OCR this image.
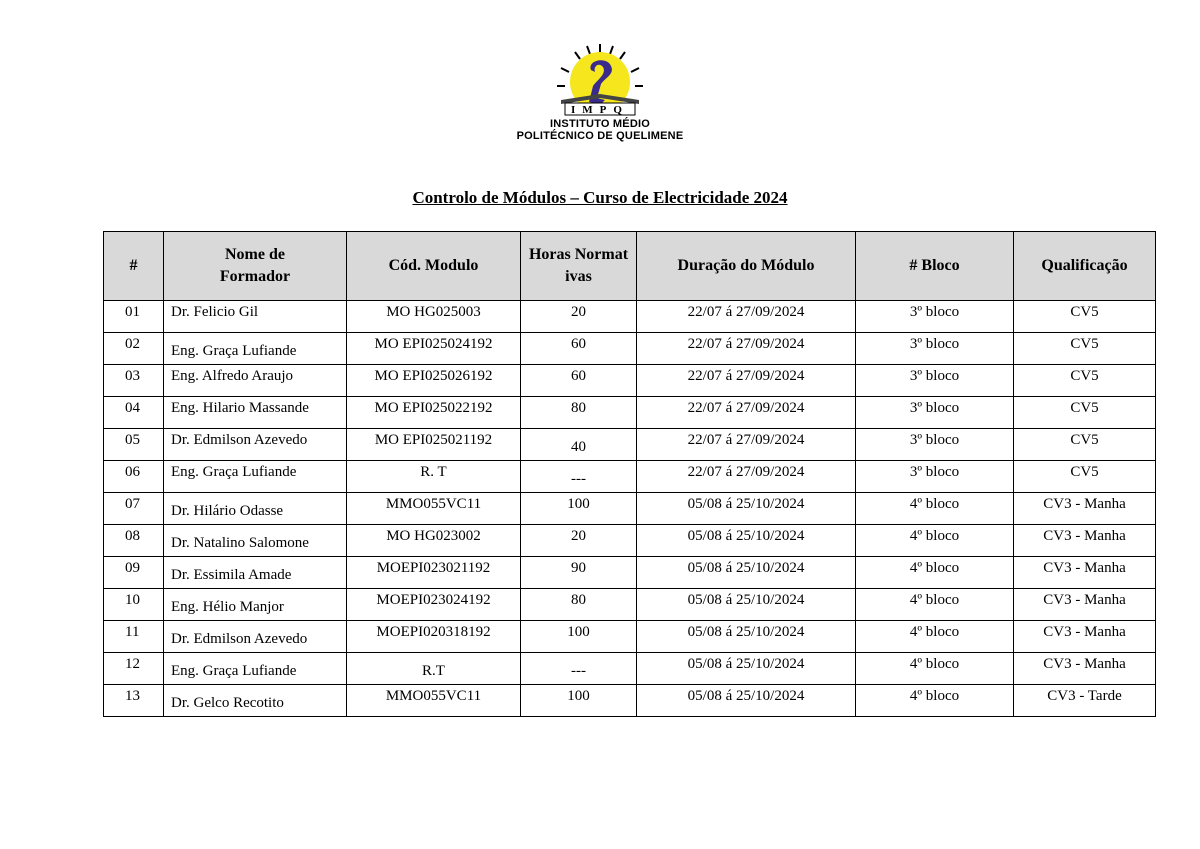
IMPQ
INSTITUTO MÉDIO
POLITÉCNICO DE QUELIMENE
Controlo de Módulos – Curso de Electricidade 2024
#	Nome de Formador	Cód. Modulo	Horas Normativas	Duração do Módulo	# Bloco	Qualificação
01	Dr. Felicio Gil	MO HG025003	20	22/07 á 27/09/2024	3º bloco	CV5
02	Eng. Graça Lufiande	MO EPI025024192	60	22/07 á 27/09/2024	3º bloco	CV5
03	Eng. Alfredo Araujo	MO EPI025026192	60	22/07 á 27/09/2024	3º bloco	CV5
04	Eng. Hilario Massande	MO EPI025022192	80	22/07 á 27/09/2024	3º bloco	CV5
05	Dr. Edmilson Azevedo	MO EPI025021192	40	22/07 á 27/09/2024	3º bloco	CV5
06	Eng. Graça Lufiande	R. T	---	22/07 á 27/09/2024	3º bloco	CV5
07	Dr. Hilário Odasse	MMO055VC11	100	05/08 á 25/10/2024	4º bloco	CV3 - Manha
08	Dr. Natalino Salomone	MO HG023002	20	05/08 á 25/10/2024	4º bloco	CV3 - Manha
09	Dr. Essimila Amade	MOEPI023021192	90	05/08 á 25/10/2024	4º bloco	CV3 - Manha
10	Eng. Hélio Manjor	MOEPI023024192	80	05/08 á 25/10/2024	4º bloco	CV3 - Manha
11	Dr. Edmilson Azevedo	MOEPI020318192	100	05/08 á 25/10/2024	4º bloco	CV3 - Manha
12	Eng. Graça Lufiande	R.T	---	05/08 á 25/10/2024	4º bloco	CV3 - Manha
13	Dr. Gelco Recotito	MMO055VC11	100	05/08 á 25/10/2024	4º bloco	CV3 - Tarde
